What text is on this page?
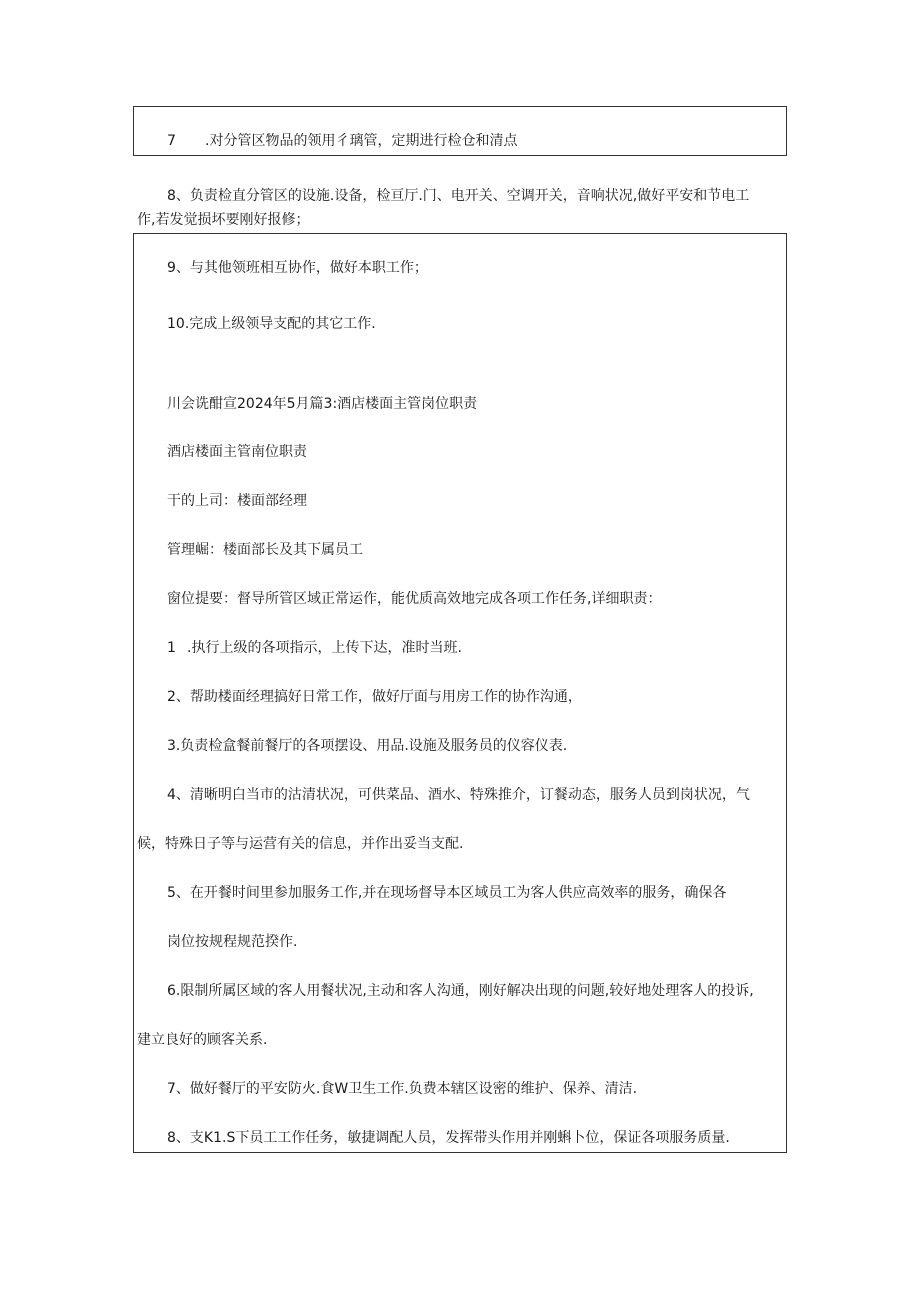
7 .对分管区物品的领用彳璃管，定期进行检仓和清点
8、负责检直分管区的设施.设备，检亘厅.门、电开关、空调开关，音响状况,做好平安和节电工
作,若发觉损坏要刚好报修；
9、与其他领班相互协作，做好本职工作；
10.完成上级领导支配的其它工作.
川会诜酣宣2024年5月篇3:酒店楼面主管岗位职责
酒店楼面主管南位职责
干的上司：楼面部经理
管理崛：楼面部长及其下属员工
窗位提要：督导所管区域正常运作，能优质高效地完成各项工作任务,详细职责：
1 .执行上级的各项指示，上传下达，准时当班.
2、帮助楼面经理搞好日常工作，做好厅面与用房工作的协作沟通，
3.负责检盒餐前餐厅的各项摆设、用品.设施及服务员的仪容仪表.
4、清晰明白当市的沽清状况，可供菜品、酒水、特殊推介，订餐动态，服务人员到岗状况，气
候，特殊日子等与运营有关的信息，并作出妥当支配.
5、在开餐时间里参加服务工作,并在现场督导本区域员工为客人供应高效率的服务，确保各
岗位按规程规范揆作.
6.限制所属区域的客人用餐状况,主动和客人沟通，刚好解决出现的问题,较好地处理客人的投诉,
建立良好的顾客关系.
7、做好餐厅的平安防火.食W卫生工作.负费本辖区设密的维护、保养、清洁.
8、支K1.S下员工工作任务，敏捷调配人员，发挥带头作用并刚蝌卜位，保证各项服务质量.
